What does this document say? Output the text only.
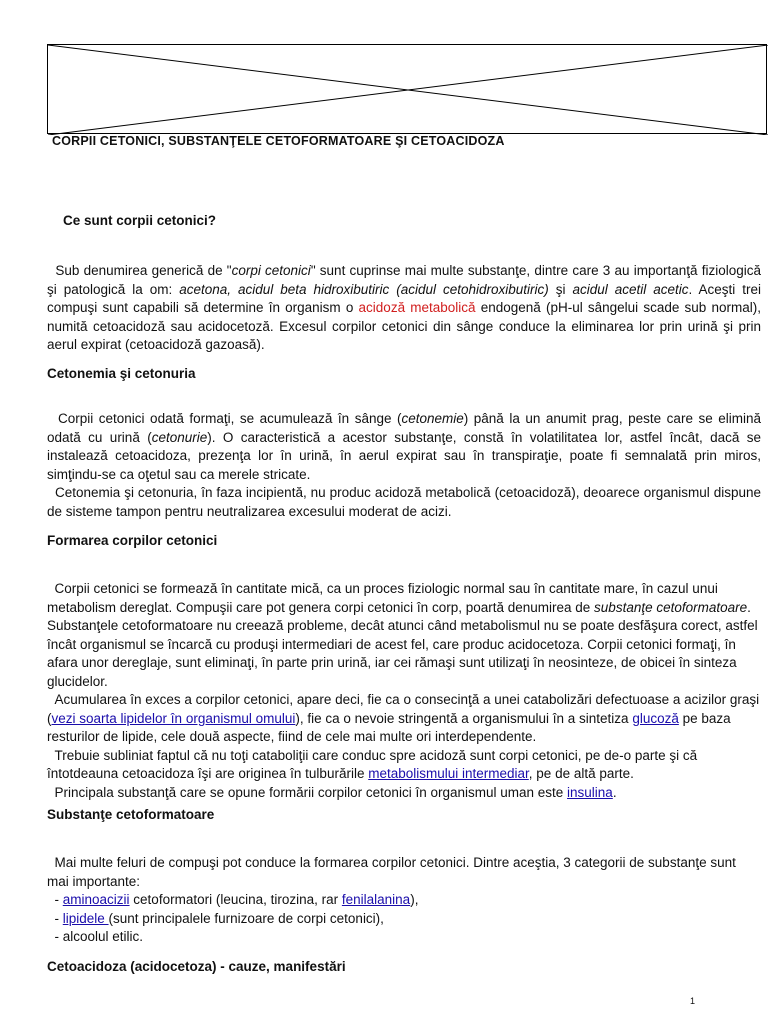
CORPII CETONICI, SUBSTANŢELE CETOFORMATOARE ŞI CETOACIDOZA
Ce sunt corpii cetonici?
Sub denumirea generică de "corpi cetonici" sunt cuprinse mai multe substanţe, dintre care 3 au importanţă fiziologică şi patologică la om: acetona, acidul beta hidroxibutiric (acidul cetohidroxibutiric) şi acidul acetil acetic. Aceşti trei compuşi sunt capabili să determine în organism o acidoză metabolică endogenă (pH-ul sângelui scade sub normal), numită cetoacidoză sau acidocetoză. Excesul corpilor cetonici din sânge conduce la eliminarea lor prin urină şi prin aerul expirat (cetoacidoză gazoasă).
Cetonemia şi cetonuria
Corpii cetonici odată formaţi, se acumulează în sânge (cetonemie) până la un anumit prag, peste care se elimină odată cu urină (cetonurie). O caracteristică a acestor substanţe, constă în volatilitatea lor, astfel încât, dacă se instalează cetoacidoza, prezenţa lor în urină, în aerul expirat sau în transpiraţie, poate fi semnalată prin miros, simţindu-se ca oţetul sau ca merele stricate.
Cetonemia şi cetonuria, în faza incipientă, nu produc acidoză metabolică (cetoacidoză), deoarece organismul dispune de sisteme tampon pentru neutralizarea excesului moderat de acizi.
Formarea corpilor cetonici
Corpii cetonici se formează în cantitate mică, ca un proces fiziologic normal sau în cantitate mare, în cazul unui metabolism dereglat. Compuşii care pot genera corpi cetonici în corp, poartă denumirea de substanţe cetoformatoare. Substanţele cetoformatoare nu creează probleme, decât atunci când metabolismul nu se poate desfăşura corect, astfel încât organismul se încarcă cu produşi intermediari de acest fel, care produc acidocetoza. Corpii cetonici formaţi, în afara unor dereglaje, sunt eliminaţi, în parte prin urină, iar cei rămaşi sunt utilizaţi în neosinteze, de obicei în sinteza glucidelor.
Acumularea în exces a corpilor cetonici, apare deci, fie ca o consecinţă a unei catabolizări defectuoase a acizilor graşi (vezi soarta lipidelor în organismul omului), fie ca o nevoie stringentă a organismului în a sintetiza glucoză pe baza resturilor de lipide, cele două aspecte, fiind de cele mai multe ori interdependente.
Trebuie subliniat faptul că nu toţi cataboliţii care conduc spre acidoză sunt corpi cetonici, pe de-o parte şi că întotdeauna cetoacidoza îşi are originea în tulburările metabolismului intermediar, pe de altă parte.
Principala substanţă care se opune formării corpilor cetonici în organismul uman este insulina.
Substanţe cetoformatoare
Mai multe feluri de compuşi pot conduce la formarea corpilor cetonici. Dintre aceştia, 3 categorii de substanţe sunt mai importante:
- aminoacizii cetoformatori (leucina, tirozina, rar fenilalanina),
- lipidele (sunt principalele furnizoare de corpi cetonici),
- alcoolul etilic.
Cetoacidoza (acidocetoza) - cauze, manifestări
1
